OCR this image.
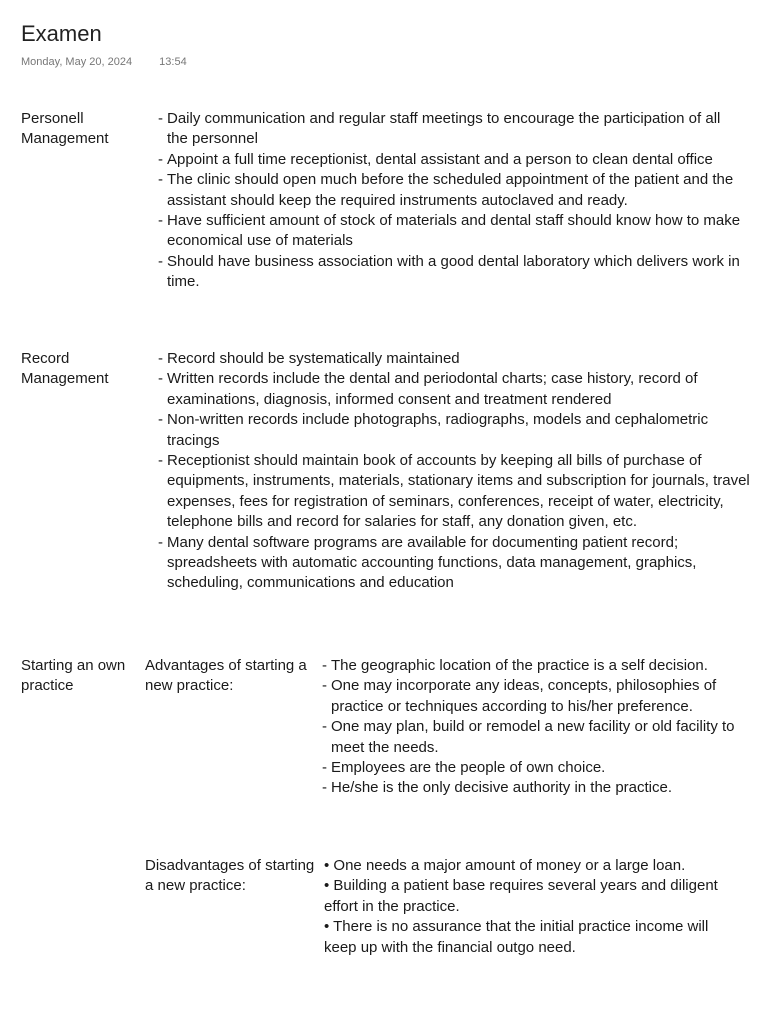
Examen
Monday, May 20, 2024 13:54
Personell Management
- Daily communication and regular staff meetings to encourage the participation of all the personnel
- Appoint a full time receptionist, dental assistant and a person to clean dental office
- The clinic should open much before the scheduled appointment of the patient and the assistant should keep the required instruments autoclaved and ready.
- Have sufficient amount of stock of materials and dental staff should know how to make economical use of materials
- Should have business association with a good dental laboratory which delivers work in time.
Record Management
- Record should be systematically maintained
- Written records include the dental and periodontal charts; case history, record of examinations, diagnosis, informed consent and treatment rendered
- Non-written records include photographs, radiographs, models and cephalometric tracings
- Receptionist should maintain book of accounts by keeping all bills of purchase of equipments, instruments, materials, stationary items and subscription for journals, travel expenses, fees for registration of seminars, conferences, receipt of water, electricity, telephone bills and record for salaries for staff, any donation given, etc.
- Many dental software programs are available for documenting patient record; spreadsheets with automatic accounting functions, data management, graphics, scheduling, communications and education
Starting an own practice
Advantages of starting a new practice:
- The geographic location of the practice is a self decision.
- One may incorporate any ideas, concepts, philosophies of practice or techniques according to his/her preference.
- One may plan, build or remodel a new facility or old facility to meet the needs.
- Employees are the people of own choice.
- He/she is the only decisive authority in the practice.
Disadvantages of starting a new practice:

• One needs a major amount of money or a large loan.

• Building a patient base requires several years and diligent

effort in the practice.

• There is no assurance that the initial practice income will

keep up with the financial outgo need.
